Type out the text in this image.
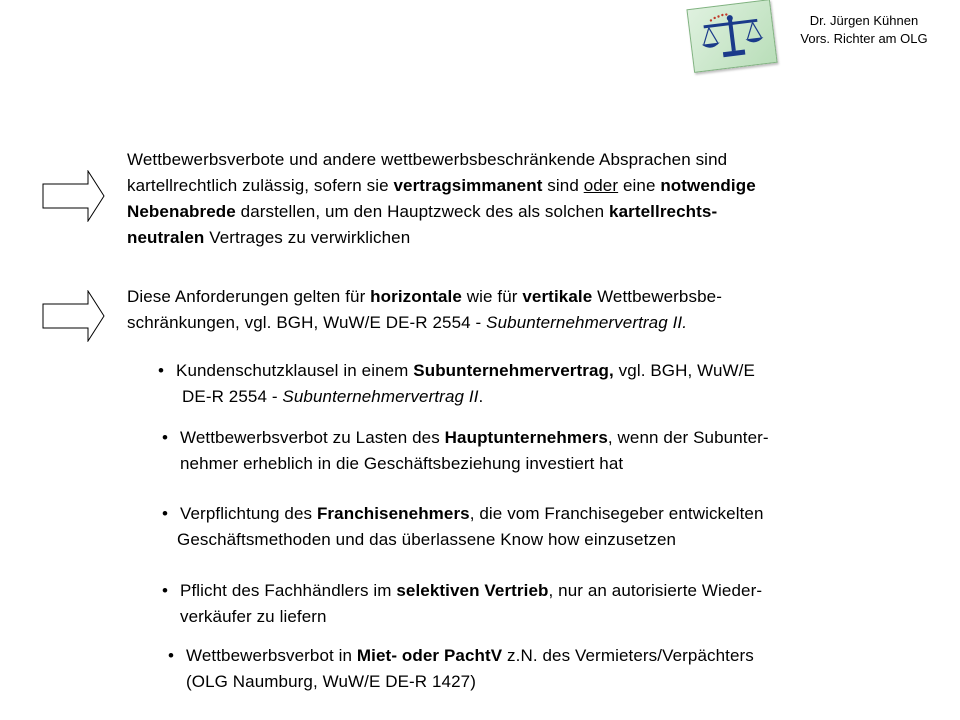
Dr. Jürgen Kühnen
Vors. Richter am OLG

Wettbewerbsverbote und andere wettbewerbsbeschränkende Absprachen sind
kartellrechtlich zulässig, sofern sie vertragsimmanent sind oder eine notwendige
Nebenabrede darstellen, um den Hauptzweck des als solchen kartellrechts-
neutralen Vertrages zu verwirklichen

Diese Anforderungen gelten für horizontale wie für vertikale Wettbewerbsbe-
schränkungen, vgl. BGH, WuW/E DE-R 2554 - Subunternehmervertrag II.

• Kundenschutzklausel in einem Subunternehmervertrag, vgl. BGH, WuW/E
DE-R 2554 - Subunternehmervertrag II.

• Wettbewerbsverbot zu Lasten des Hauptunternehmers, wenn der Subunter-
nehmer erheblich in die Geschäftsbeziehung investiert hat

• Verpflichtung des Franchisenehmers, die vom Franchisegeber entwickelten
Geschäftsmethoden und das überlassene Know how einzusetzen

• Pflicht des Fachhändlers im selektiven Vertrieb, nur an autorisierte Wieder-
verkäufer zu liefern

• Wettbewerbsverbot in Miet- oder PachtV z.N. des Vermieters/Verpächters
(OLG Naumburg, WuW/E DE-R 1427)
